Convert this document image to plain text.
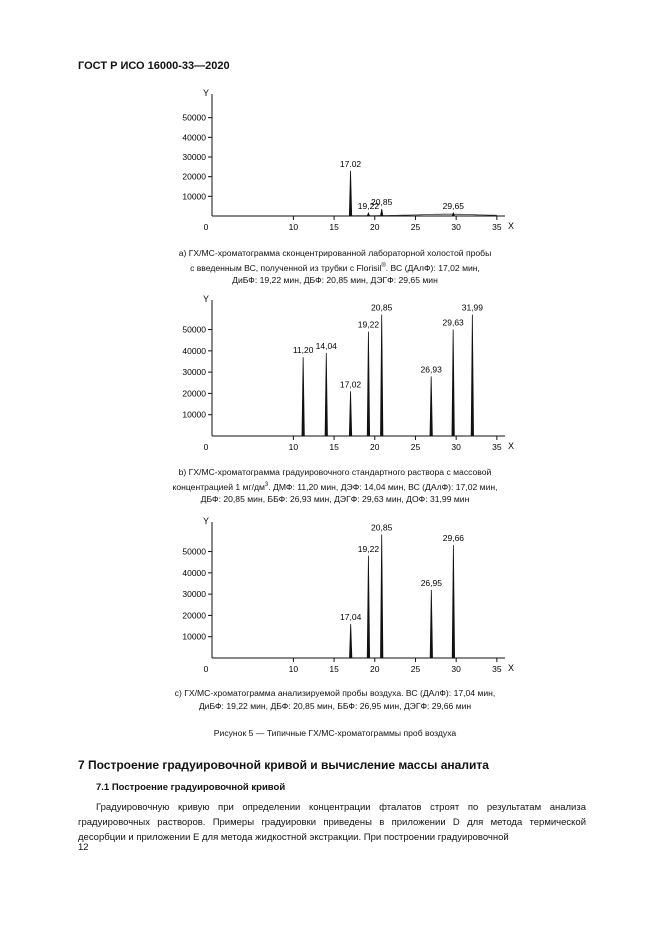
ГОСТ Р ИСО 16000-33—2020
Y
X
10000
20000
30000
40000
50000
0	10	15	20	25	30	35
17.02
19,22
20,85	29,65
а) ГХ/МС-хроматограмма сконцентрированной лабораторной холостой пробы
с введенным ВС, полученной из трубки с Florisil®. ВС (ДАлФ): 17,02 мин,
ДиБФ: 19,22 мин, ДБФ: 20,85 мин, ДЭГФ: 29,65 мин
Y
X
10000
20000
30000
40000
50000
0	10	15	20	25	30	35
11,20 14,04
17,02
19,22
20,85
26,93
29,63
31,99
b) ГХ/МС-хроматограмма градуировочного стандартного раствора с массовой
концентрацией 1 $мг/дм^3$. ДМФ: 11,20 мин, ДЭФ: 14,04 мин, ВС (ДАлФ): 17,02 мин,
ДБФ: 20,85 мин, ББФ: 26,93 мин, ДЭГФ: 29,63 мин, ДОФ: 31,99 мин
Y
X
10000
20000
30000
40000
50000
0	10	15	20	25	30	35
17,04
19,22
20,85
26,95
29,66
с) ГХ/МС-хроматограмма анализируемой пробы воздуха. ВС (ДАлФ): 17,04 мин,
ДиБФ: 19,22 мин, ДБФ: 20,85 мин, ББФ: 26,95 мин, ДЭГФ: 29,66 мин
Рисунок 5 — Типичные ГХ/МС-хроматограммы проб воздуха
7 Построение градуировочной кривой и вычисление массы аналита
7.1 Построение градуировочной кривой
Градуировочную кривую при определении концентрации фталатов строят по результатам анализа градуировочных растворов. Примеры градуировки приведены в приложении D для метода термической десорбции и приложении Е для метода жидкостной экстракции. При построении градуировочной
12
